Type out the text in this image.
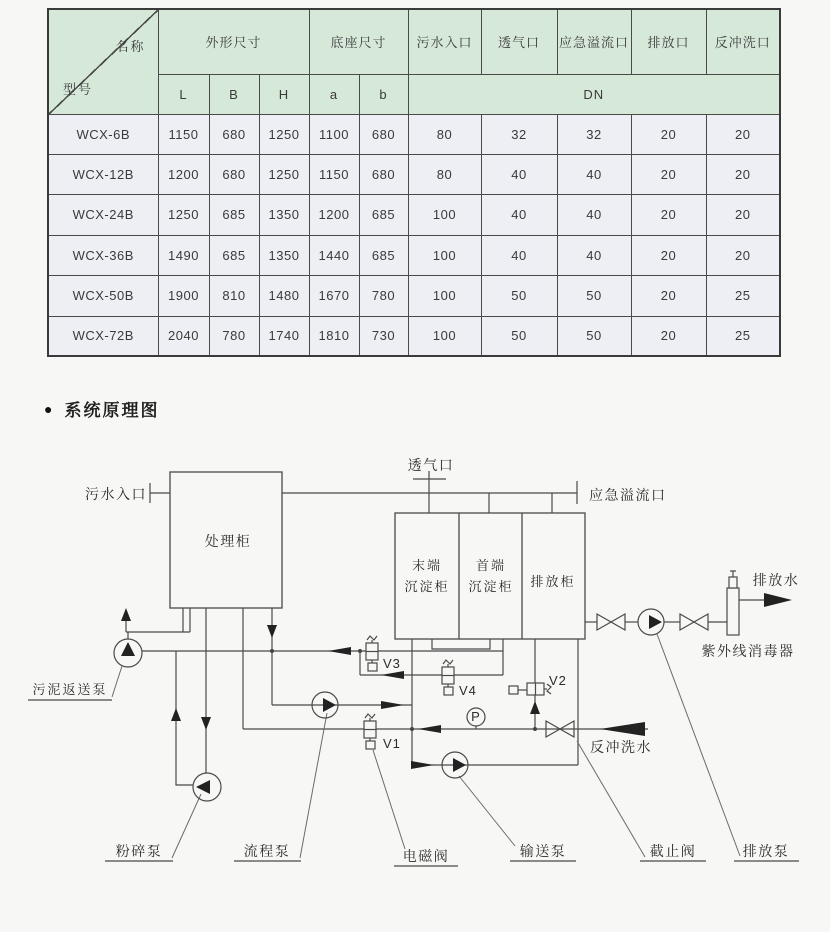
名称
型号	外形尺寸			底座尺寸		污水入口	透气口	应急溢流口	排放口	反冲洗口
	L	B	H	a	b	DN				
WCX-6B	1150	680	1250	1100	680	80	32	32	20	20
WCX-12B	1200	680	1250	1150	680	80	40	40	20	20
WCX-24B	1250	685	1350	1200	685	100	40	40	20	20
WCX-36B	1490	685	1350	1440	685	100	40	40	20	20
WCX-50B	1900	810	1480	1670	780	100	50	50	20	25
WCX-72B	2040	780	1740	1810	730	100	50	50	20	25
● 系统原理图
P
污水入口
透气口
应急溢流口
处理柜
末端
沉淀柜
首端
沉淀柜 排放柜
V3
V4
V1
V2
反冲洗水
排放水
紫外线消毒器
污泥返送泵
粉碎泵	流程泵	电磁阀	输送泵	截止阀	排放泵
